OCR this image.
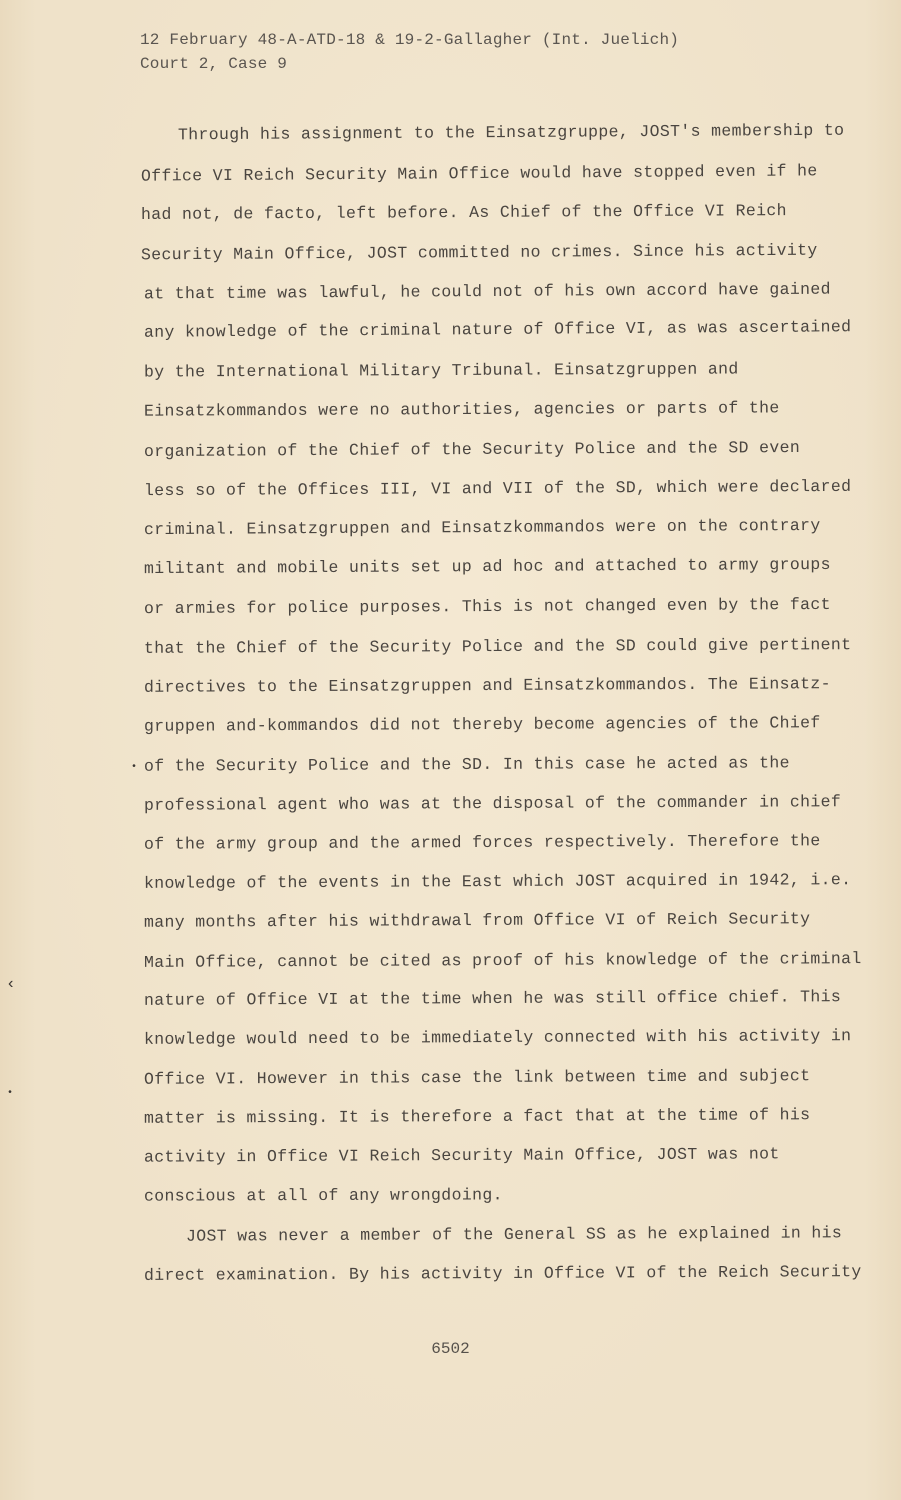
12 February 48-A-ATD-18 & 19-2-Gallagher (Int. Juelich)
Court 2, Case 9
Through his assignment to the Einsatzgruppe, JOST's membership to
Office VI Reich Security Main Office would have stopped even if he
had not, de facto, left before. As Chief of the Office VI Reich
Security Main Office, JOST committed no crimes. Since his activity
at that time was lawful, he could not of his own accord have gained
any knowledge of the criminal nature of Office VI, as was ascertained
by the International Military Tribunal. Einsatzgruppen and
Einsatzkommandos were no authorities, agencies or parts of the
organization of the Chief of the Security Police and the SD even
less so of the Offices III, VI and VII of the SD, which were declared
criminal. Einsatzgruppen and Einsatzkommandos were on the contrary
militant and mobile units set up ad hoc and attached to army groups
or armies for police purposes. This is not changed even by the fact
that the Chief of the Security Police and the SD could give pertinent
directives to the Einsatzgruppen and Einsatzkommandos. The Einsatz-
gruppen and-kommandos did not thereby become agencies of the Chief
of the Security Police and the SD. In this case he acted as the
professional agent who was at the disposal of the commander in chief
of the army group and the armed forces respectively. Therefore the
knowledge of the events in the East which JOST acquired in 1942, i.e.
many months after his withdrawal from Office VI of Reich Security
Main Office, cannot be cited as proof of his knowledge of the criminal
nature of Office VI at the time when he was still office chief. This
knowledge would need to be immediately connected with his activity in
Office VI. However in this case the link between time and subject
matter is missing. It is therefore a fact that at the time of his
activity in Office VI Reich Security Main Office, JOST was not
conscious at all of any wrongdoing.
JOST was never a member of the General SS as he explained in his
direct examination. By his activity in Office VI of the Reich Security
6502
‹
•
•
